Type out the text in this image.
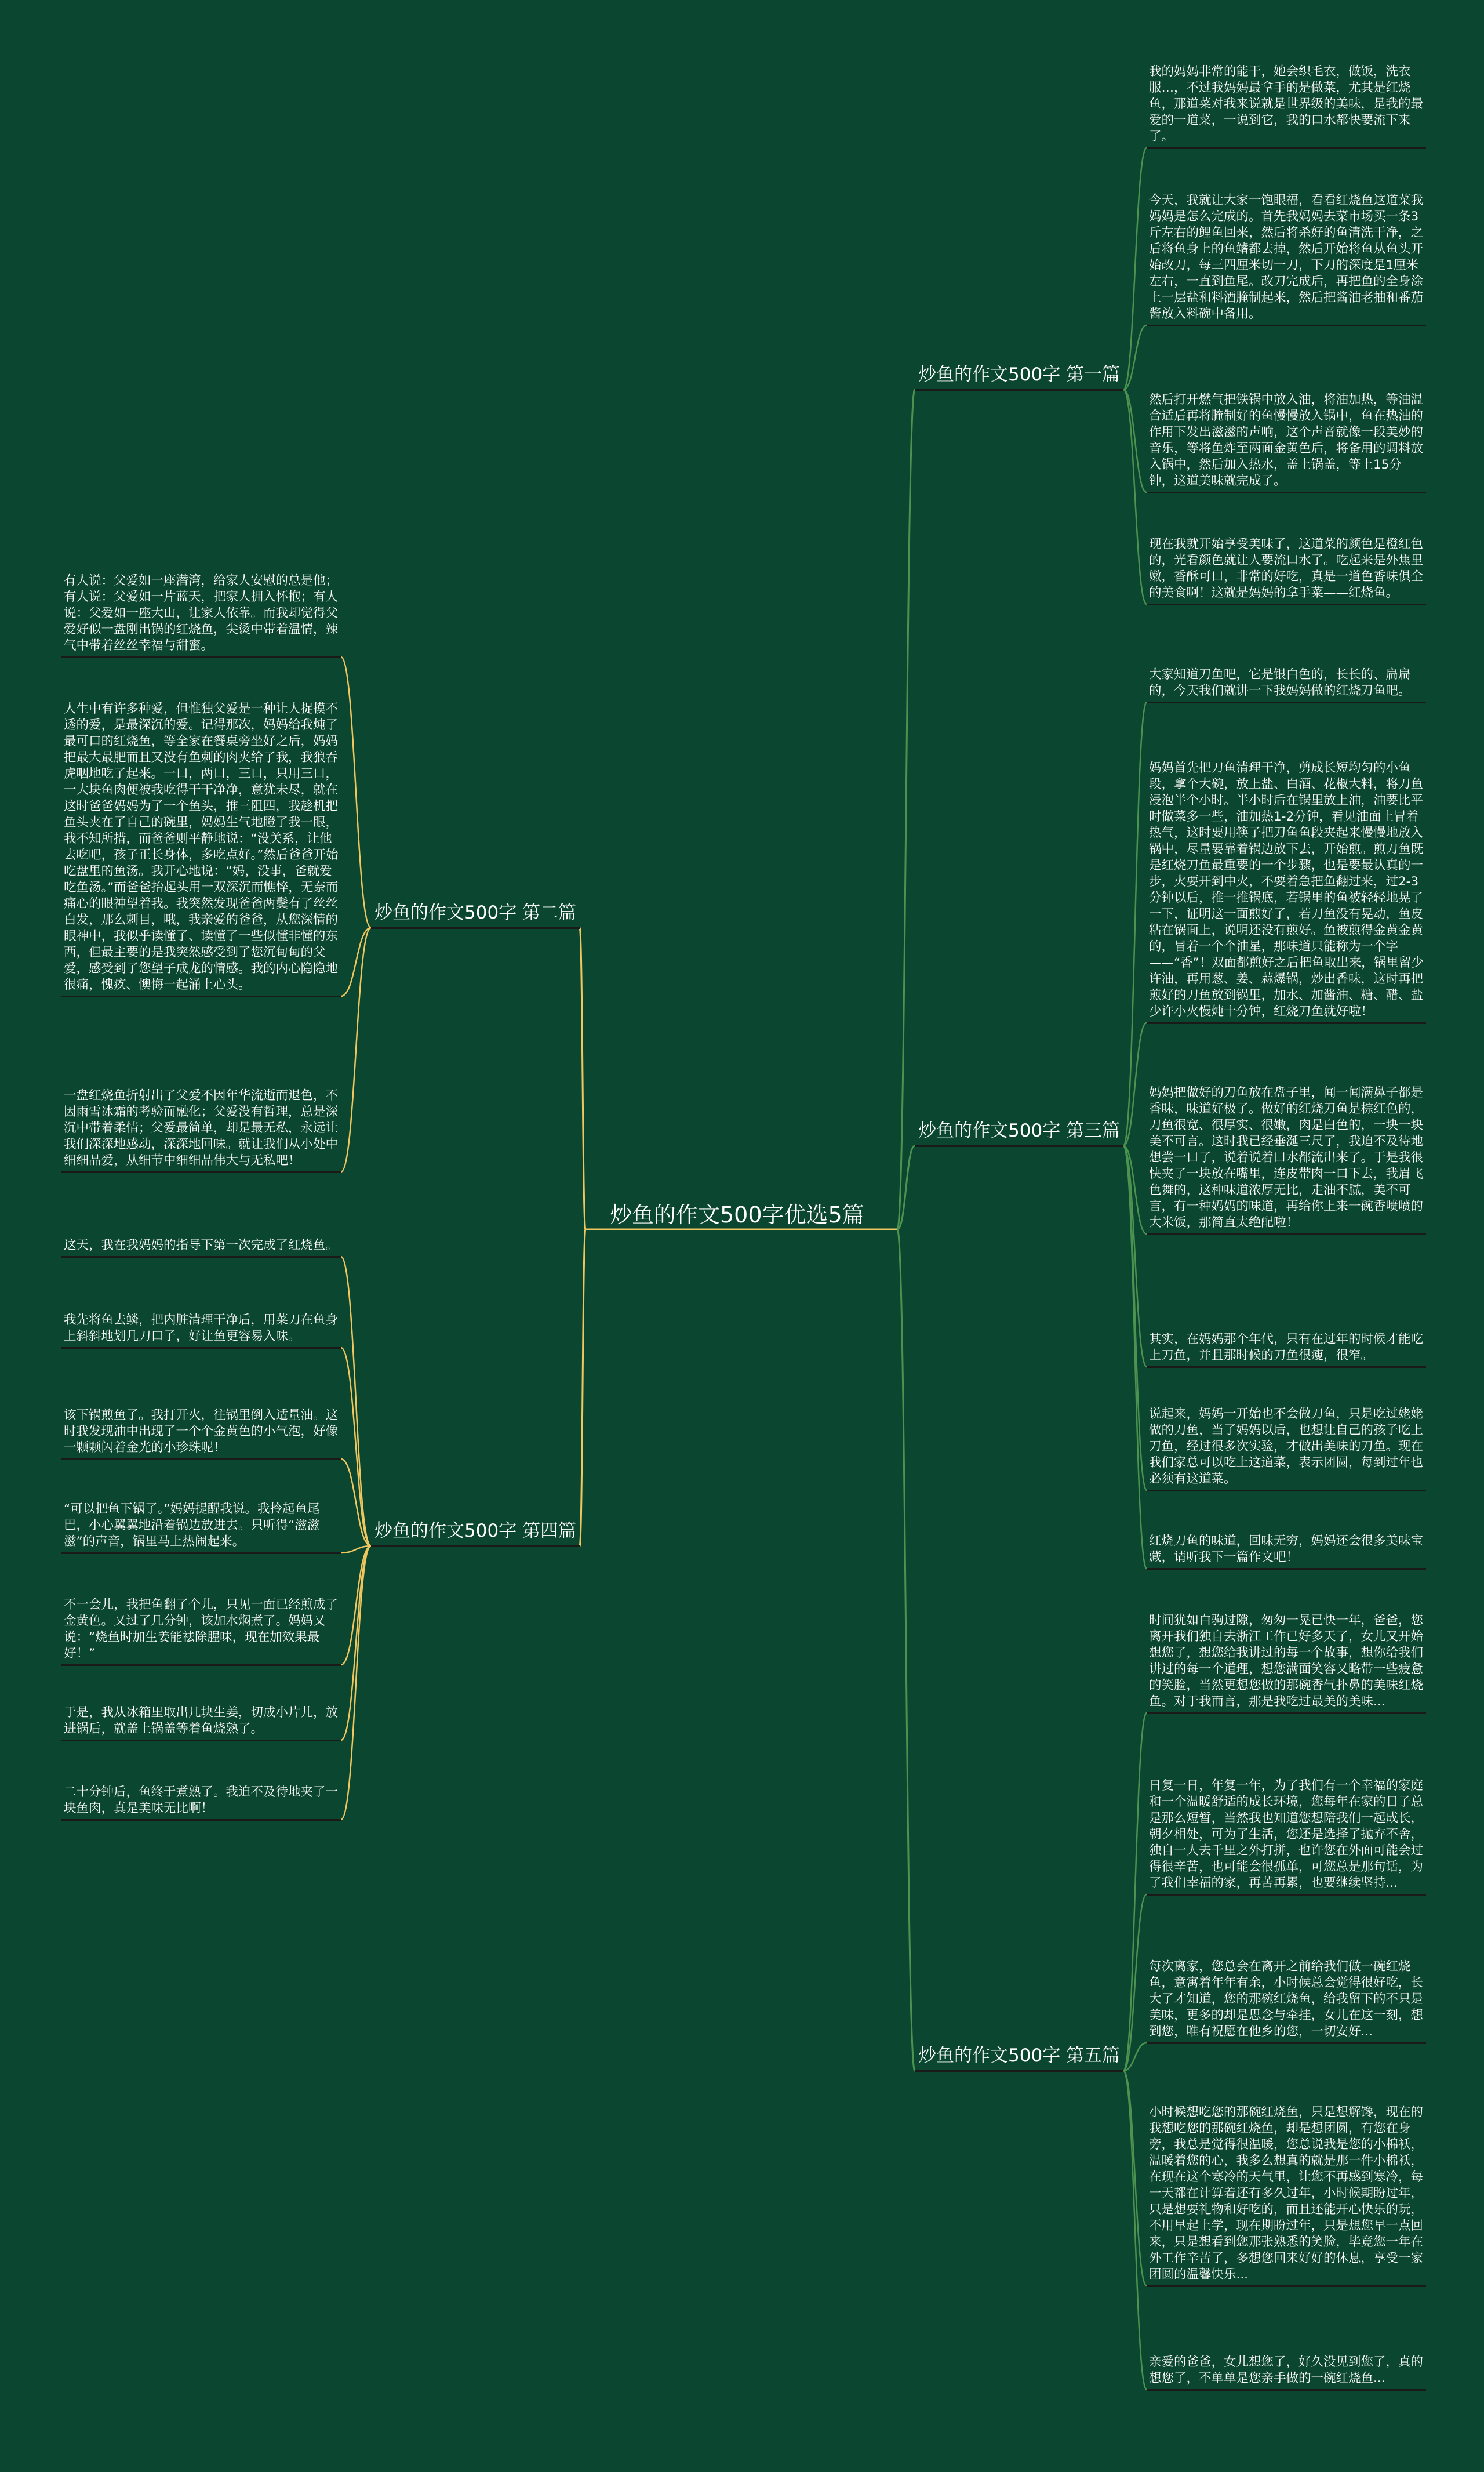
炒鱼的作文500字优选5篇
炒鱼的作文500字 第一篇
我的妈妈非常的能干，她会织毛衣，做饭，洗衣服…，不过我妈妈最拿手的是做菜，尤其是红烧鱼，那道菜对我来说就是世界级的美味，是我的最爱的一道菜，一说到它，我的口水都快要流下来了。
今天，我就让大家一饱眼福，看看红烧鱼这道菜我妈妈是怎么完成的。首先我妈妈去菜市场买一条3斤左右的鲤鱼回来，然后将杀好的鱼清洗干净，之后将鱼身上的鱼鳍都去掉，然后开始将鱼从鱼头开始改刀，每三四厘米切一刀，下刀的深度是1厘米左右，一直到鱼尾。改刀完成后，再把鱼的全身涂上一层盐和料酒腌制起来，然后把酱油老抽和番茄酱放入料碗中备用。
然后打开燃气把铁锅中放入油，将油加热，等油温合适后再将腌制好的鱼慢慢放入锅中，鱼在热油的作用下发出滋滋的声响，这个声音就像一段美妙的音乐，等将鱼炸至两面金黄色后，将备用的调料放入锅中，然后加入热水，盖上锅盖，等上15分钟，这道美味就完成了。
现在我就开始享受美味了，这道菜的颜色是橙红色的，光看颜色就让人要流口水了。吃起来是外焦里嫩，香酥可口，非常的好吃，真是一道色香味俱全的美食啊！这就是妈妈的拿手菜——红烧鱼。
炒鱼的作文500字 第二篇
有人说：父爱如一座潜湾，给家人安慰的总是他；有人说：父爱如一片蓝天，把家人拥入怀抱；有人说：父爱如一座大山，让家人依靠。而我却觉得父爱好似一盘刚出锅的红烧鱼，尖烫中带着温情，辣气中带着丝丝幸福与甜蜜。
人生中有许多种爱，但惟独父爱是一种让人捉摸不透的爱，是最深沉的爱。记得那次，妈妈给我炖了最可口的红烧鱼，等全家在餐桌旁坐好之后，妈妈把最大最肥而且又没有鱼刺的肉夹给了我，我狼吞虎咽地吃了起来。一口，两口，三口，只用三口，一大块鱼肉便被我吃得干干净净，意犹未尽，就在这时爸爸妈妈为了一个鱼头，推三阻四，我趁机把鱼头夹在了自己的碗里，妈妈生气地瞪了我一眼，我不知所措，而爸爸则平静地说：“没关系，让他去吃吧，孩子正长身体，多吃点好。”然后爸爸开始吃盘里的鱼汤。我开心地说：“妈，没事，爸就爱吃鱼汤。”而爸爸抬起头用一双深沉而憔悴，无奈而痛心的眼神望着我。我突然发现爸爸两鬓有了丝丝白发，那么刺目，哦，我亲爱的爸爸，从您深情的眼神中，我似乎读懂了、读懂了一些似懂非懂的东西，但最主要的是我突然感受到了您沉甸甸的父爱，感受到了您望子成龙的情感。我的内心隐隐地很痛，愧疚、懊悔一起涌上心头。
一盘红烧鱼折射出了父爱不因年华流逝而退色，不因雨雪冰霜的考验而融化；父爱没有哲理，总是深沉中带着柔情；父爱最简单，却是最无私，永远让我们深深地感动，深深地回味。就让我们从小处中细细品爱，从细节中细细品伟大与无私吧！
炒鱼的作文500字 第三篇
大家知道刀鱼吧，它是银白色的，长长的、扁扁的，今天我们就讲一下我妈妈做的红烧刀鱼吧。
妈妈首先把刀鱼清理干净，剪成长短均匀的小鱼段，拿个大碗，放上盐、白酒、花椒大料，将刀鱼浸泡半个小时。半小时后在锅里放上油，油要比平时做菜多一些，油加热1-2分钟，看见油面上冒着热气，这时要用筷子把刀鱼鱼段夹起来慢慢地放入锅中，尽量要靠着锅边放下去，开始煎。煎刀鱼既是红烧刀鱼最重要的一个步骤，也是要最认真的一步，火要开到中火，不要着急把鱼翻过来，过2-3分钟以后，推一推锅底，若锅里的鱼被轻轻地晃了一下，证明这一面煎好了，若刀鱼没有晃动，鱼皮粘在锅面上，说明还没有煎好。鱼被煎得金黄金黄的，冒着一个个油星，那味道只能称为一个字——“香”！双面都煎好之后把鱼取出来，锅里留少许油，再用葱、姜、蒜爆锅，炒出香味，这时再把煎好的刀鱼放到锅里，加水、加酱油、糖、醋、盐少许小火慢炖十分钟，红烧刀鱼就好啦！
妈妈把做好的刀鱼放在盘子里，闻一闻满鼻子都是香味，味道好极了。做好的红烧刀鱼是棕红色的，刀鱼很宽、很厚实、很嫩，肉是白色的，一块一块美不可言。这时我已经垂涎三尺了，我迫不及待地想尝一口了，说着说着口水都流出来了。于是我很快夹了一块放在嘴里，连皮带肉一口下去，我眉飞色舞的，这种味道浓厚无比，走油不腻，美不可言，有一种妈妈的味道，再给你上来一碗香喷喷的大米饭，那简直太绝配啦！
其实，在妈妈那个年代，只有在过年的时候才能吃上刀鱼，并且那时候的刀鱼很瘦，很窄。
说起来，妈妈一开始也不会做刀鱼，只是吃过姥姥做的刀鱼，当了妈妈以后，也想让自己的孩子吃上刀鱼，经过很多次实验，才做出美味的刀鱼。现在我们家总可以吃上这道菜，表示团圆，每到过年也必须有这道菜。
红烧刀鱼的味道，回味无穷，妈妈还会很多美味宝藏，请听我下一篇作文吧！
炒鱼的作文500字 第四篇
这天，我在我妈妈的指导下第一次完成了红烧鱼。
我先将鱼去鳞，把内脏清理干净后，用菜刀在鱼身上斜斜地划几刀口子，好让鱼更容易入味。
该下锅煎鱼了。我打开火，往锅里倒入适量油。这时我发现油中出现了一个个金黄色的小气泡，好像一颗颗闪着金光的小珍珠呢！
“可以把鱼下锅了。”妈妈提醒我说。我拎起鱼尾巴，小心翼翼地沿着锅边放进去。只听得“滋滋滋”的声音，锅里马上热闹起来。
不一会儿，我把鱼翻了个儿，只见一面已经煎成了金黄色。又过了几分钟，该加水焖煮了。妈妈又说：“烧鱼时加生姜能祛除腥味，现在加效果最好！”
于是，我从冰箱里取出几块生姜，切成小片儿，放进锅后，就盖上锅盖等着鱼烧熟了。
二十分钟后，鱼终于煮熟了。我迫不及待地夹了一块鱼肉，真是美味无比啊！
炒鱼的作文500字 第五篇
时间犹如白驹过隙，匆匆一晃已快一年，爸爸，您离开我们独自去浙江工作已好多天了，女儿又开始想您了，想您给我讲过的每一个故事，想你给我们讲过的每一个道理，想您满面笑容又略带一些疲惫的笑脸，当然更想您做的那碗香气扑鼻的美味红烧鱼。对于我而言，那是我吃过最美的美味...
日复一日，年复一年，为了我们有一个幸福的家庭和一个温暖舒适的成长环境，您每年在家的日子总是那么短暂，当然我也知道您想陪我们一起成长，朝夕相处，可为了生活，您还是选择了抛弃不舍，独自一人去千里之外打拼，也许您在外面可能会过得很辛苦，也可能会很孤单，可您总是那句话，为了我们幸福的家，再苦再累，也要继续坚持...
每次离家，您总会在离开之前给我们做一碗红烧鱼，意寓着年年有余，小时候总会觉得很好吃，长大了才知道，您的那碗红烧鱼，给我留下的不只是美味，更多的却是思念与牵挂，女儿在这一刻，想到您，唯有祝愿在他乡的您，一切安好...
小时候想吃您的那碗红烧鱼，只是想解馋，现在的我想吃您的那碗红烧鱼，却是想团圆，有您在身旁，我总是觉得很温暖，您总说我是您的小棉袄，温暖着您的心，我多么想真的就是那一件小棉袄，在现在这个寒冷的天气里，让您不再感到寒冷，每一天都在计算着还有多久过年，小时候期盼过年，只是想要礼物和好吃的，而且还能开心快乐的玩，不用早起上学，现在期盼过年，只是想您早一点回来，只是想看到您那张熟悉的笑脸，毕竟您一年在外工作辛苦了，多想您回来好好的休息，享受一家团圆的温馨快乐...
亲爱的爸爸，女儿想您了，好久没见到您了，真的想您了，不单单是您亲手做的一碗红烧鱼...
